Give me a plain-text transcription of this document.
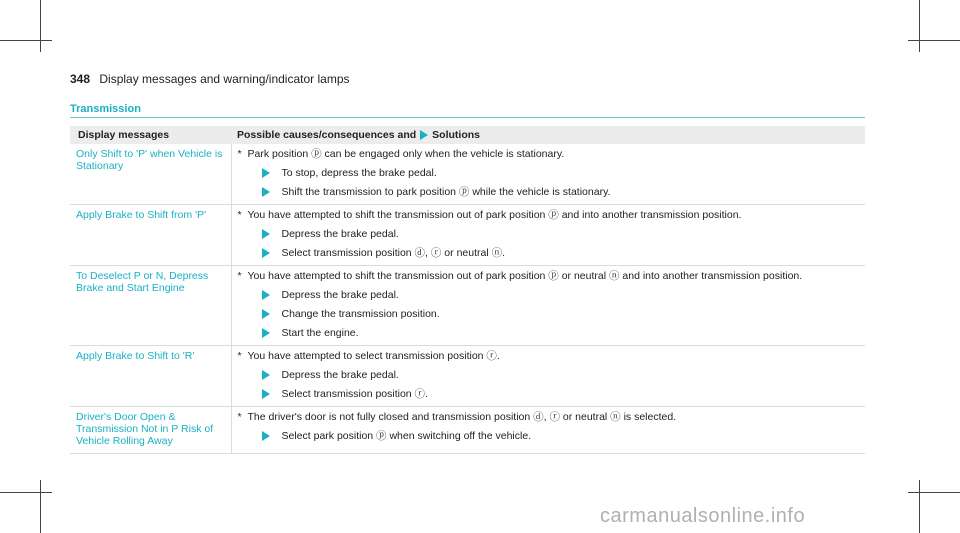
348 Display messages and warning/indicator lamps
Transmission
Display messages	Possible causes/consequences and Solutions
Only Shift to 'P' when Vehicle is Stationary	* Park position ⓟ can be engaged only when the vehicle is stationary.
To stop, depress the brake pedal.
Shift the transmission to park position ⓟ while the vehicle is stationary.

Apply Brake to Shift from 'P'	* You have attempted to shift the transmission out of park position ⓟ and into another transmission position.
Depress the brake pedal.
Select transmission position ⓓ, ⓡ or neutral ⓝ.

To Deselect P or N, Depress Brake and Start Engine	* You have attempted to shift the transmission out of park position ⓟ or neutral ⓝ and into another transmission position.
Depress the brake pedal.
Change the transmission position.
Start the engine.

Apply Brake to Shift to 'R'	* You have attempted to select transmission position ⓡ.
Depress the brake pedal.
Select transmission position ⓡ.

Driver's Door Open & Transmission Not in P Risk of Vehicle Rolling Away	* The driver's door is not fully closed and transmission position ⓓ, ⓡ or neutral ⓝ is selected.
Select park position ⓟ when switching off the vehicle.
carmanualsonline.info
